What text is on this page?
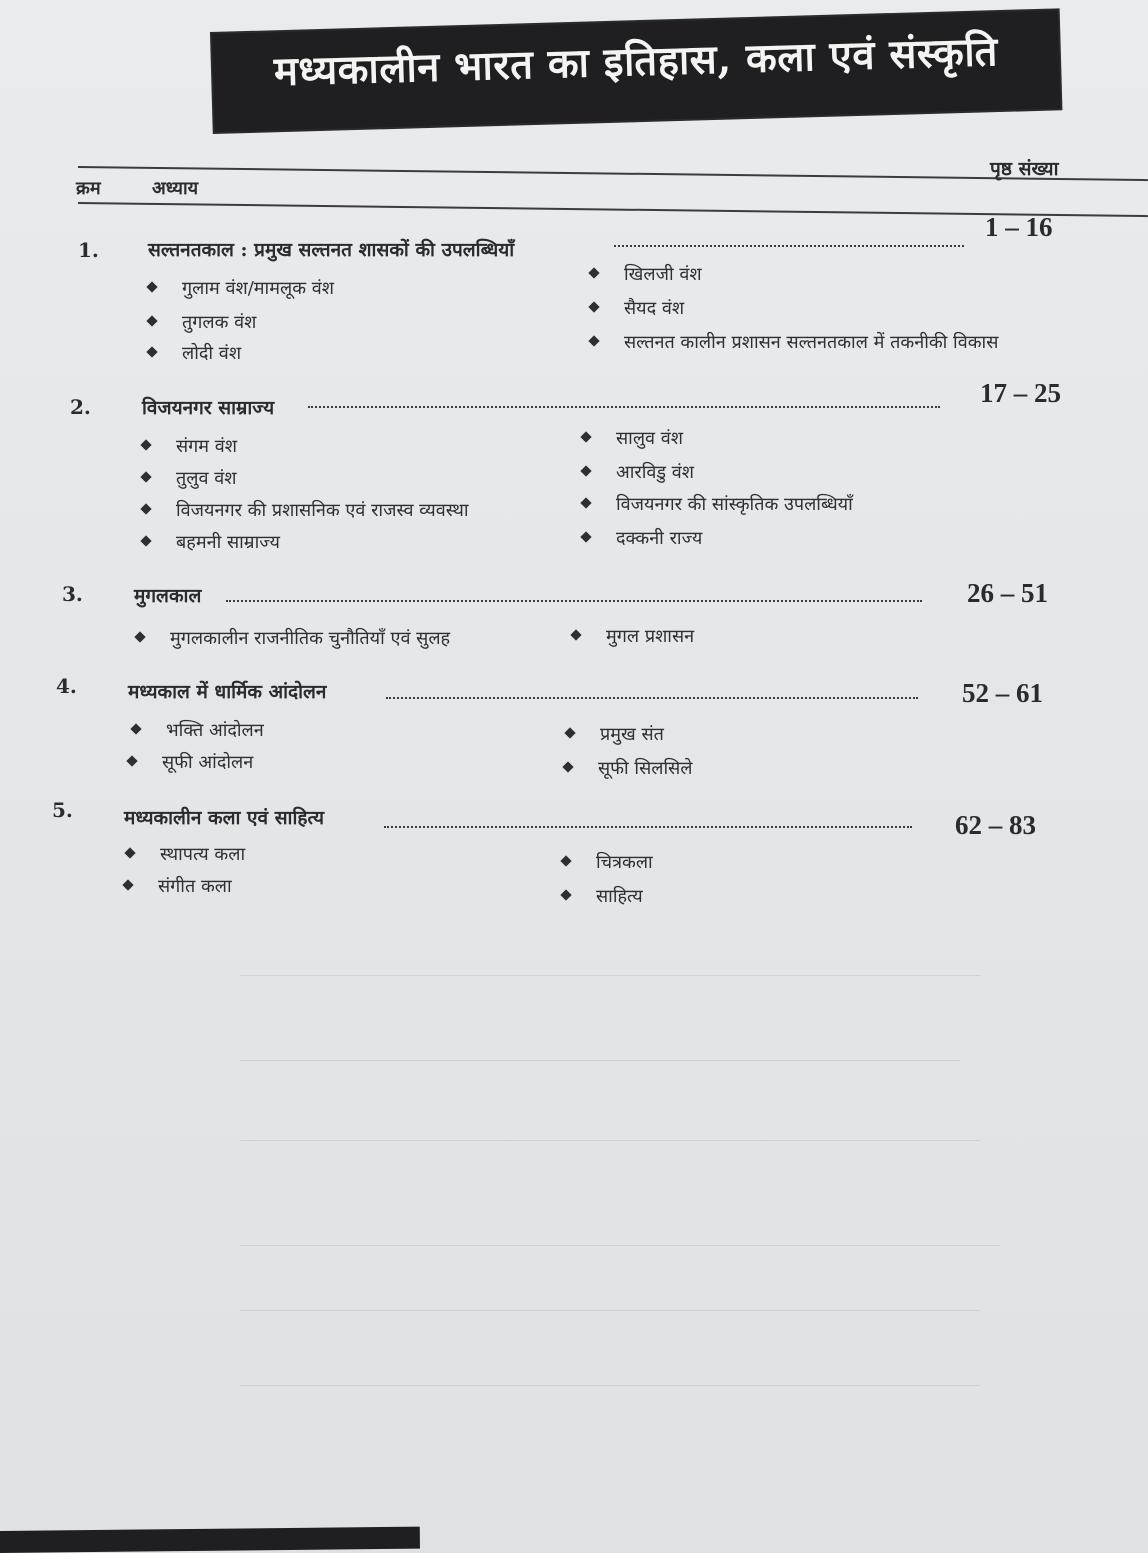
मध्यकालीन भारत का इतिहास, कला एवं संस्कृति
क्रम	अध्याय
पृष्ठ संख्या
1.	सल्तनतकाल : प्रमुख सल्तनत शासकों की उपलब्धियाँ
1 – 16
गुलाम वंश/मामलूक वंश
तुगलक वंश
लोदी वंश
खिलजी वंश
सैयद वंश
सल्तनत कालीन प्रशासन सल्तनतकाल में तकनीकी विकास
2.	विजयनगर साम्राज्य	17 – 25
संगम वंश
तुलुव वंश
विजयनगर की प्रशासनिक एवं राजस्व व्यवस्था
बहमनी साम्राज्य
सालुव वंश
आरविडु वंश
विजयनगर की सांस्कृतिक उपलब्धियाँ
दक्कनी राज्य
3.	मुगलकाल	26 – 51
मुगलकालीन राजनीतिक चुनौतियाँ एवं सुलह	मुगल प्रशासन
4.	मध्यकाल में धार्मिक आंदोलन	52 – 61
भक्ति आंदोलन
सूफी आंदोलन
प्रमुख संत
सूफी सिलसिले
5.	मध्यकालीन कला एवं साहित्य	62 – 83
स्थापत्य कला
संगीत कला
चित्रकला
साहित्य
